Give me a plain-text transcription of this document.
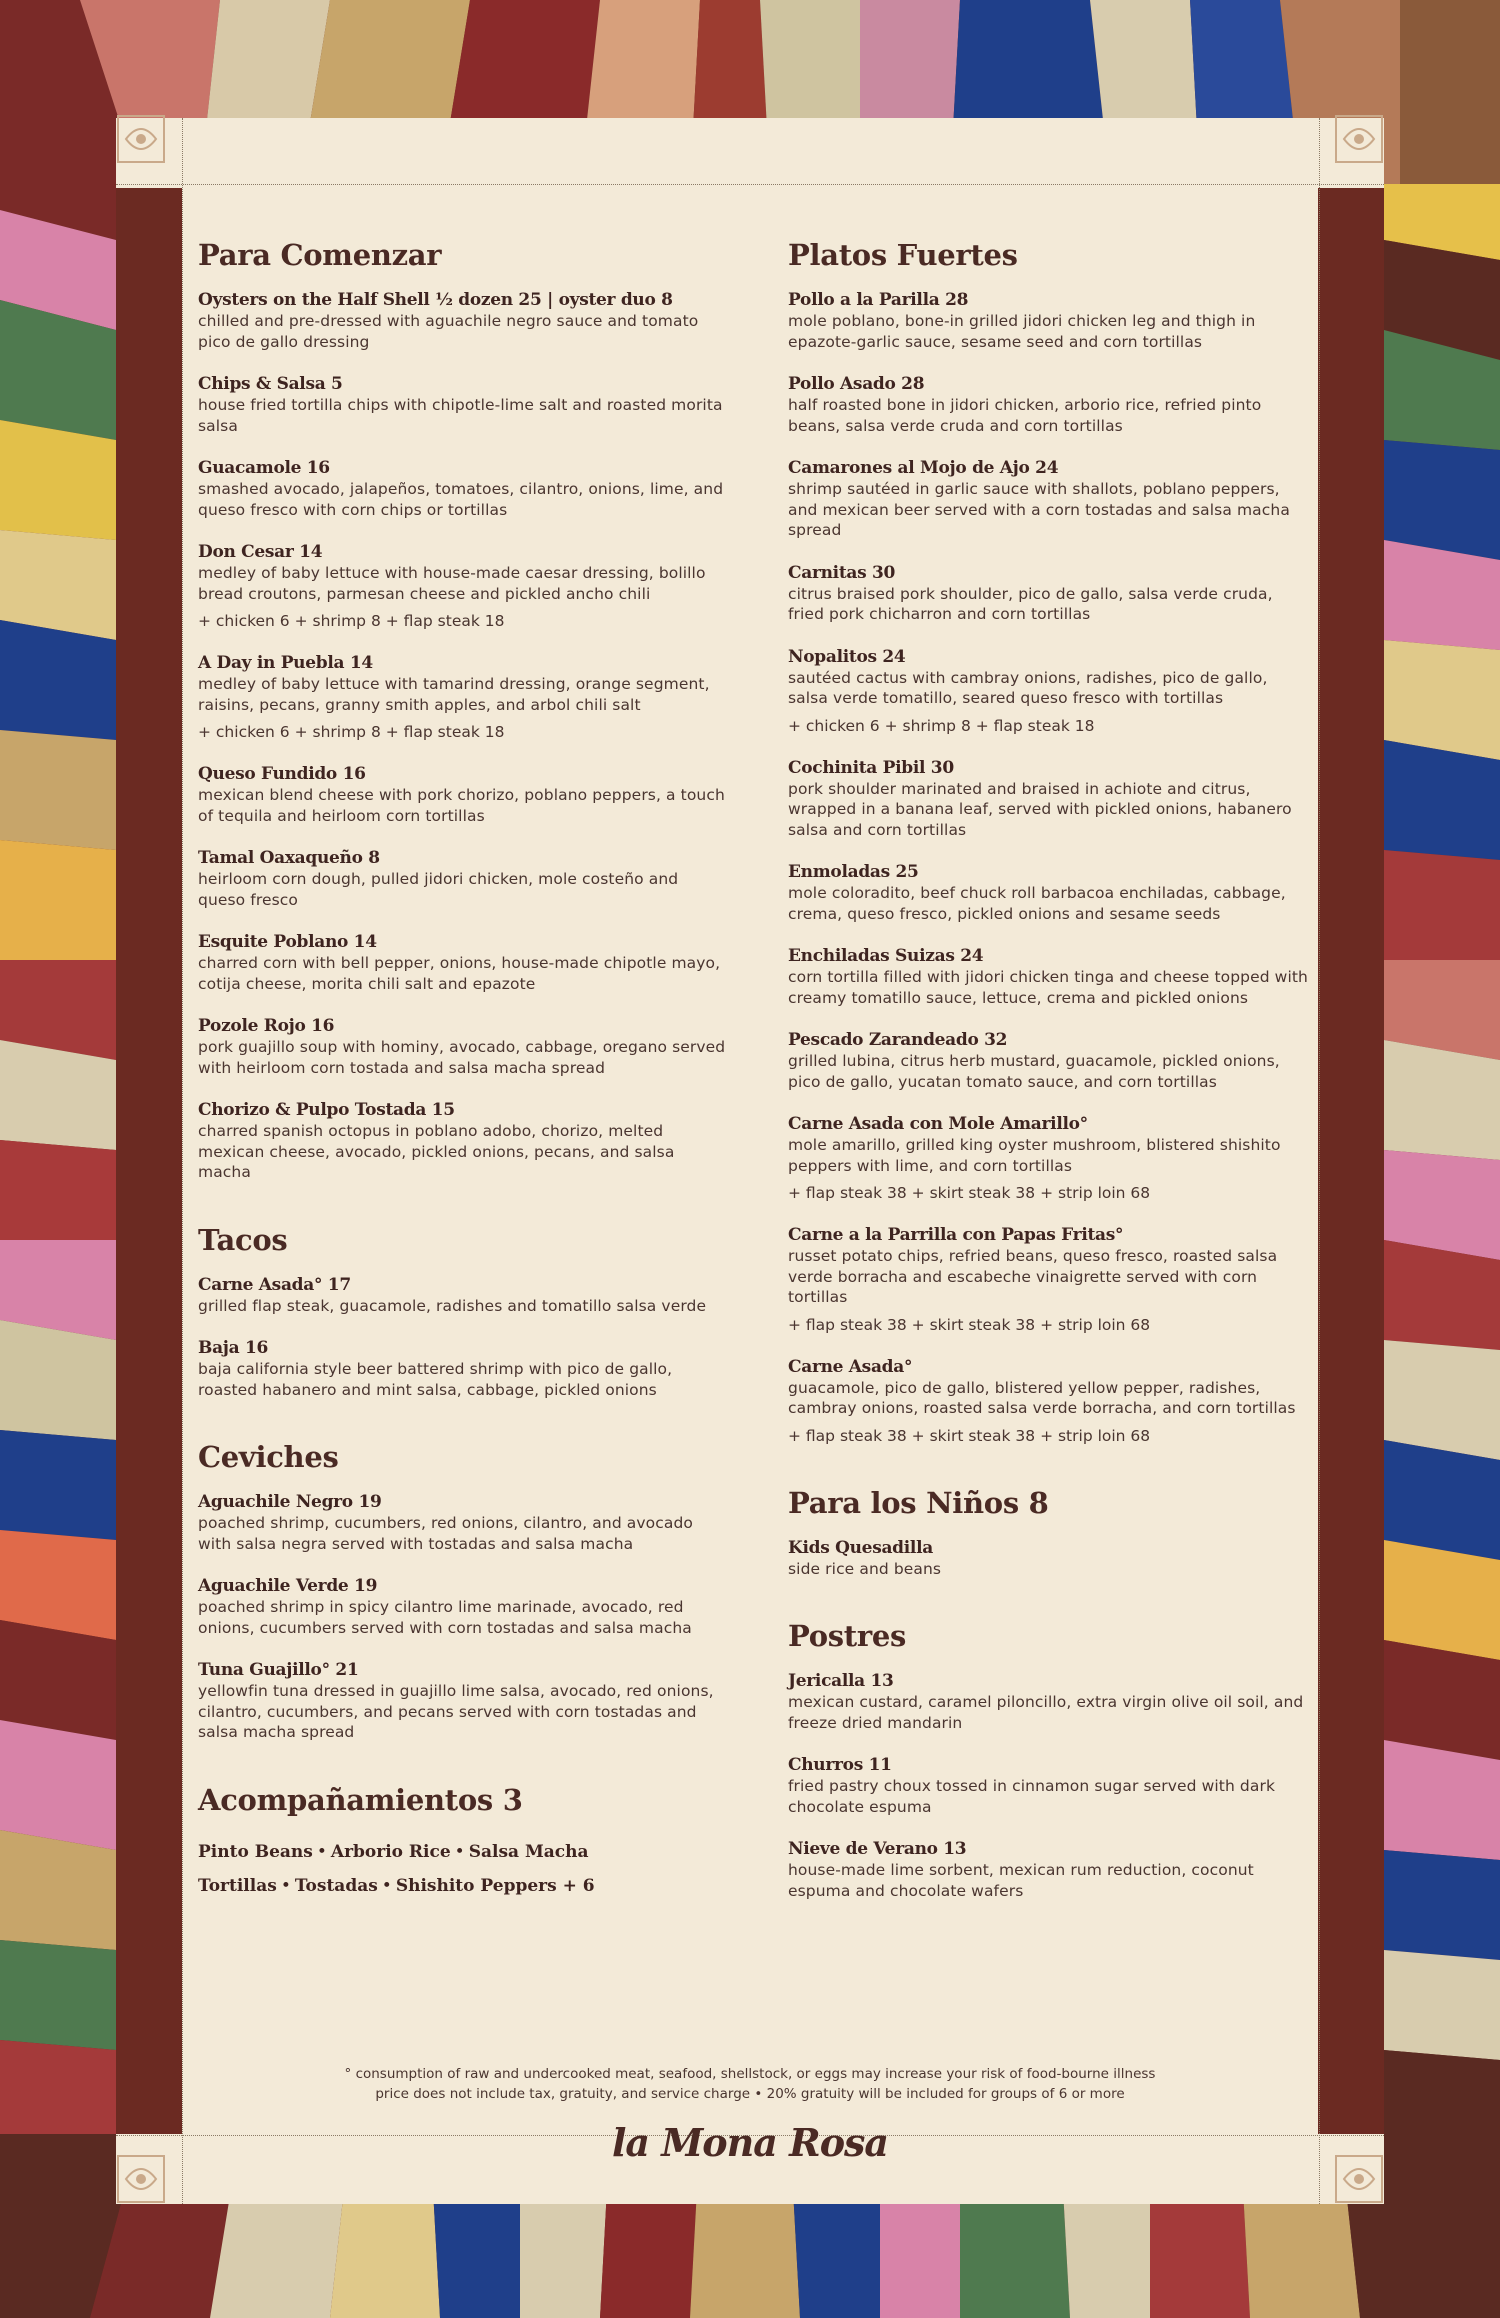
Para Comenzar
Oysters on the Half Shell ½ dozen 25 | oyster duo 8
chilled and pre-dressed with aguachile negro sauce and tomato pico de gallo dressing
Chips & Salsa 5
house fried tortilla chips with chipotle-lime salt and roasted morita salsa
Guacamole 16
smashed avocado, jalapeños, tomatoes, cilantro, onions, lime, and queso fresco with corn chips or tortillas
Don Cesar 14
medley of baby lettuce with house-made caesar dressing, bolillo bread croutons, parmesan cheese and pickled ancho chili
+ chicken 6 + shrimp 8 + flap steak 18
A Day in Puebla 14
medley of baby lettuce with tamarind dressing, orange segment, raisins, pecans, granny smith apples, and arbol chili salt
+ chicken 6 + shrimp 8 + flap steak 18
Queso Fundido 16
mexican blend cheese with pork chorizo, poblano peppers, a touch of tequila and heirloom corn tortillas
Tamal Oaxaqueño 8
heirloom corn dough, pulled jidori chicken, mole costeño and queso fresco
Esquite Poblano 14
charred corn with bell pepper, onions, house-made chipotle mayo, cotija cheese, morita chili salt and epazote
Pozole Rojo 16
pork guajillo soup with hominy, avocado, cabbage, oregano served with heirloom corn tostada and salsa macha spread
Chorizo & Pulpo Tostada 15
charred spanish octopus in poblano adobo, chorizo, melted mexican cheese, avocado, pickled onions, pecans, and salsa macha
Tacos
Carne Asada° 17
grilled flap steak, guacamole, radishes and tomatillo salsa verde
Baja 16
baja california style beer battered shrimp with pico de gallo, roasted habanero and mint salsa, cabbage, pickled onions
Ceviches
Aguachile Negro 19
poached shrimp, cucumbers, red onions, cilantro, and avocado with salsa negra served with tostadas and salsa macha
Aguachile Verde 19
poached shrimp in spicy cilantro lime marinade, avocado, red onions, cucumbers served with corn tostadas and salsa macha
Tuna Guajillo° 21
yellowfin tuna dressed in guajillo lime salsa, avocado, red onions, cilantro, cucumbers, and pecans served with corn tostadas and salsa macha spread
Acompañamientos 3
Pinto Beans • Arborio Rice • Salsa Macha
Tortillas • Tostadas • Shishito Peppers + 6
Platos Fuertes
Pollo a la Parilla 28
mole poblano, bone-in grilled jidori chicken leg and thigh in epazote-garlic sauce, sesame seed and corn tortillas
Pollo Asado 28
half roasted bone in jidori chicken, arborio rice, refried pinto beans, salsa verde cruda and corn tortillas
Camarones al Mojo de Ajo 24
shrimp sautéed in garlic sauce with shallots, poblano peppers, and mexican beer served with a corn tostadas and salsa macha spread
Carnitas 30
citrus braised pork shoulder, pico de gallo, salsa verde cruda, fried pork chicharron and corn tortillas
Nopalitos 24
sautéed cactus with cambray onions, radishes, pico de gallo, salsa verde tomatillo, seared queso fresco with tortillas
+ chicken 6 + shrimp 8 + flap steak 18
Cochinita Pibil 30
pork shoulder marinated and braised in achiote and citrus, wrapped in a banana leaf, served with pickled onions, habanero salsa and corn tortillas
Enmoladas 25
mole coloradito, beef chuck roll barbacoa enchiladas, cabbage, crema, queso fresco, pickled onions and sesame seeds
Enchiladas Suizas 24
corn tortilla filled with jidori chicken tinga and cheese topped with creamy tomatillo sauce, lettuce, crema and pickled onions
Pescado Zarandeado 32
grilled lubina, citrus herb mustard, guacamole, pickled onions, pico de gallo, yucatan tomato sauce, and corn tortillas
Carne Asada con Mole Amarillo°
mole amarillo, grilled king oyster mushroom, blistered shishito peppers with lime, and corn tortillas
+ flap steak 38 + skirt steak 38 + strip loin 68
Carne a la Parrilla con Papas Fritas°
russet potato chips, refried beans, queso fresco, roasted salsa verde borracha and escabeche vinaigrette served with corn tortillas
+ flap steak 38 + skirt steak 38 + strip loin 68
Carne Asada°
guacamole, pico de gallo, blistered yellow pepper, radishes, cambray onions, roasted salsa verde borracha, and corn tortillas
+ flap steak 38 + skirt steak 38 + strip loin 68
Para los Niños 8
Kids Quesadilla
side rice and beans
Postres
Jericalla 13
mexican custard, caramel piloncillo, extra virgin olive oil soil, and freeze dried mandarin
Churros 11
fried pastry choux tossed in cinnamon sugar served with dark chocolate espuma
Nieve de Verano 13
house-made lime sorbent, mexican rum reduction, coconut espuma and chocolate wafers
° consumption of raw and undercooked meat, seafood, shellstock, or eggs may increase your risk of food-bourne illness
price does not include tax, gratuity, and service charge • 20% gratuity will be included for groups of 6 or more
la Mona Rosa
